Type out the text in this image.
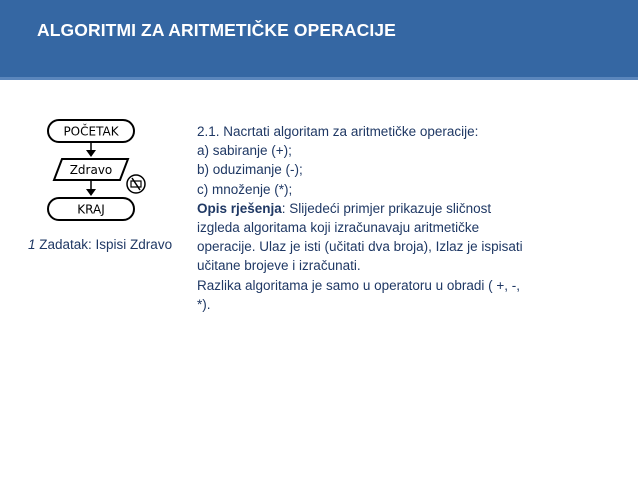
ALGORITMI ZA ARITMETIČKE OPERACIJE
POČETAK
Zdravo
KRAJ
1 Zadatak: Ispisi Zdravo
2.1. Nacrtati algoritam za aritmetičke operacije:
a) sabiranje (+);
b) oduzimanje (-);
c) množenje (*);
Opis rješenja: Slijedeći primjer prikazuje sličnost
izgleda algoritama koji izračunavaju aritmetičke
operacije. Ulaz je isti (učitati dva broja), Izlaz je ispisati
učitane brojeve i izračunati.
Razlika algoritama je samo u operatoru u obradi ( +, -,
*).
